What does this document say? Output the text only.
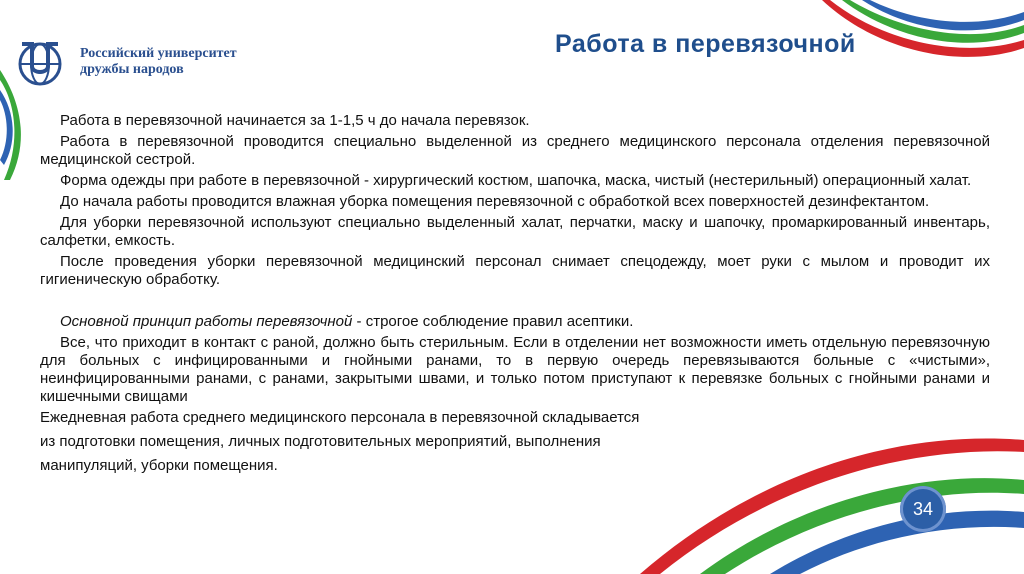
Российский университет
дружбы народов
Работа в перевязочной

Работа в перевязочной начинается за 1-1,5 ч до начала перевязок.

Работа в перевязочной проводится специально выделенной из среднего медицинского персонала отделения перевязочной медицинской сестрой.

Форма одежды при работе в перевязочной - хирургический костюм, шапочка, маска, чистый (нестерильный) операционный халат.

До начала работы проводится влажная уборка помещения перевязочной с обработкой всех поверхностей дезинфектантом.

Для уборки перевязочной используют специально выделенный халат, перчатки, маску и шапочку, промаркированный инвентарь, салфетки, емкость.

После проведения уборки перевязочной медицинский персонал снимает спецодежду, моет руки с мылом и проводит их гигиеническую обработку.

Основной принцип работы перевязочной - строгое соблюдение правил асептики.

Все, что приходит в контакт с раной, должно быть стерильным. Если в отделении нет возможности иметь отдельную перевязочную для больных с инфицированными и гнойными ранами, то в первую очередь перевязываются больные с «чистыми», неинфицированными ранами, с ранами, закрытыми швами, и только потом приступают к перевязке больных с гнойными ранами и кишечными свищами

Ежедневная работа среднего медицинского персонала в перевязочной складывается

из подготовки помещения, личных подготовительных мероприятий, выполнения

манипуляций, уборки помещения.

34
